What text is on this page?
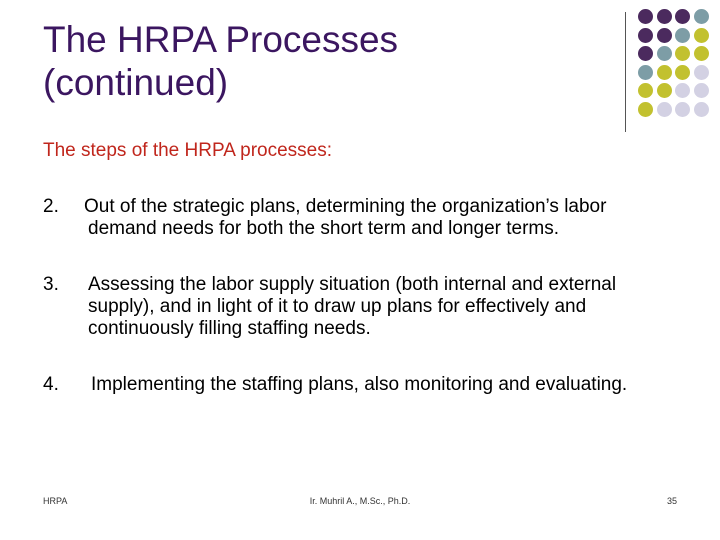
The HRPA Processes
(continued)
The steps of the HRPA processes:
2.	Out of the strategic plans, determining the organization’s labor
demand needs for both the short term and longer terms.
3.	Assessing the labor supply situation (both internal and external
supply), and in light of it to draw up plans for effectively and
continuously filling staffing needs.
4.	Implementing the staffing plans, also monitoring and evaluating.
HRPA	Ir. Muhril A., M.Sc., Ph.D.	35
